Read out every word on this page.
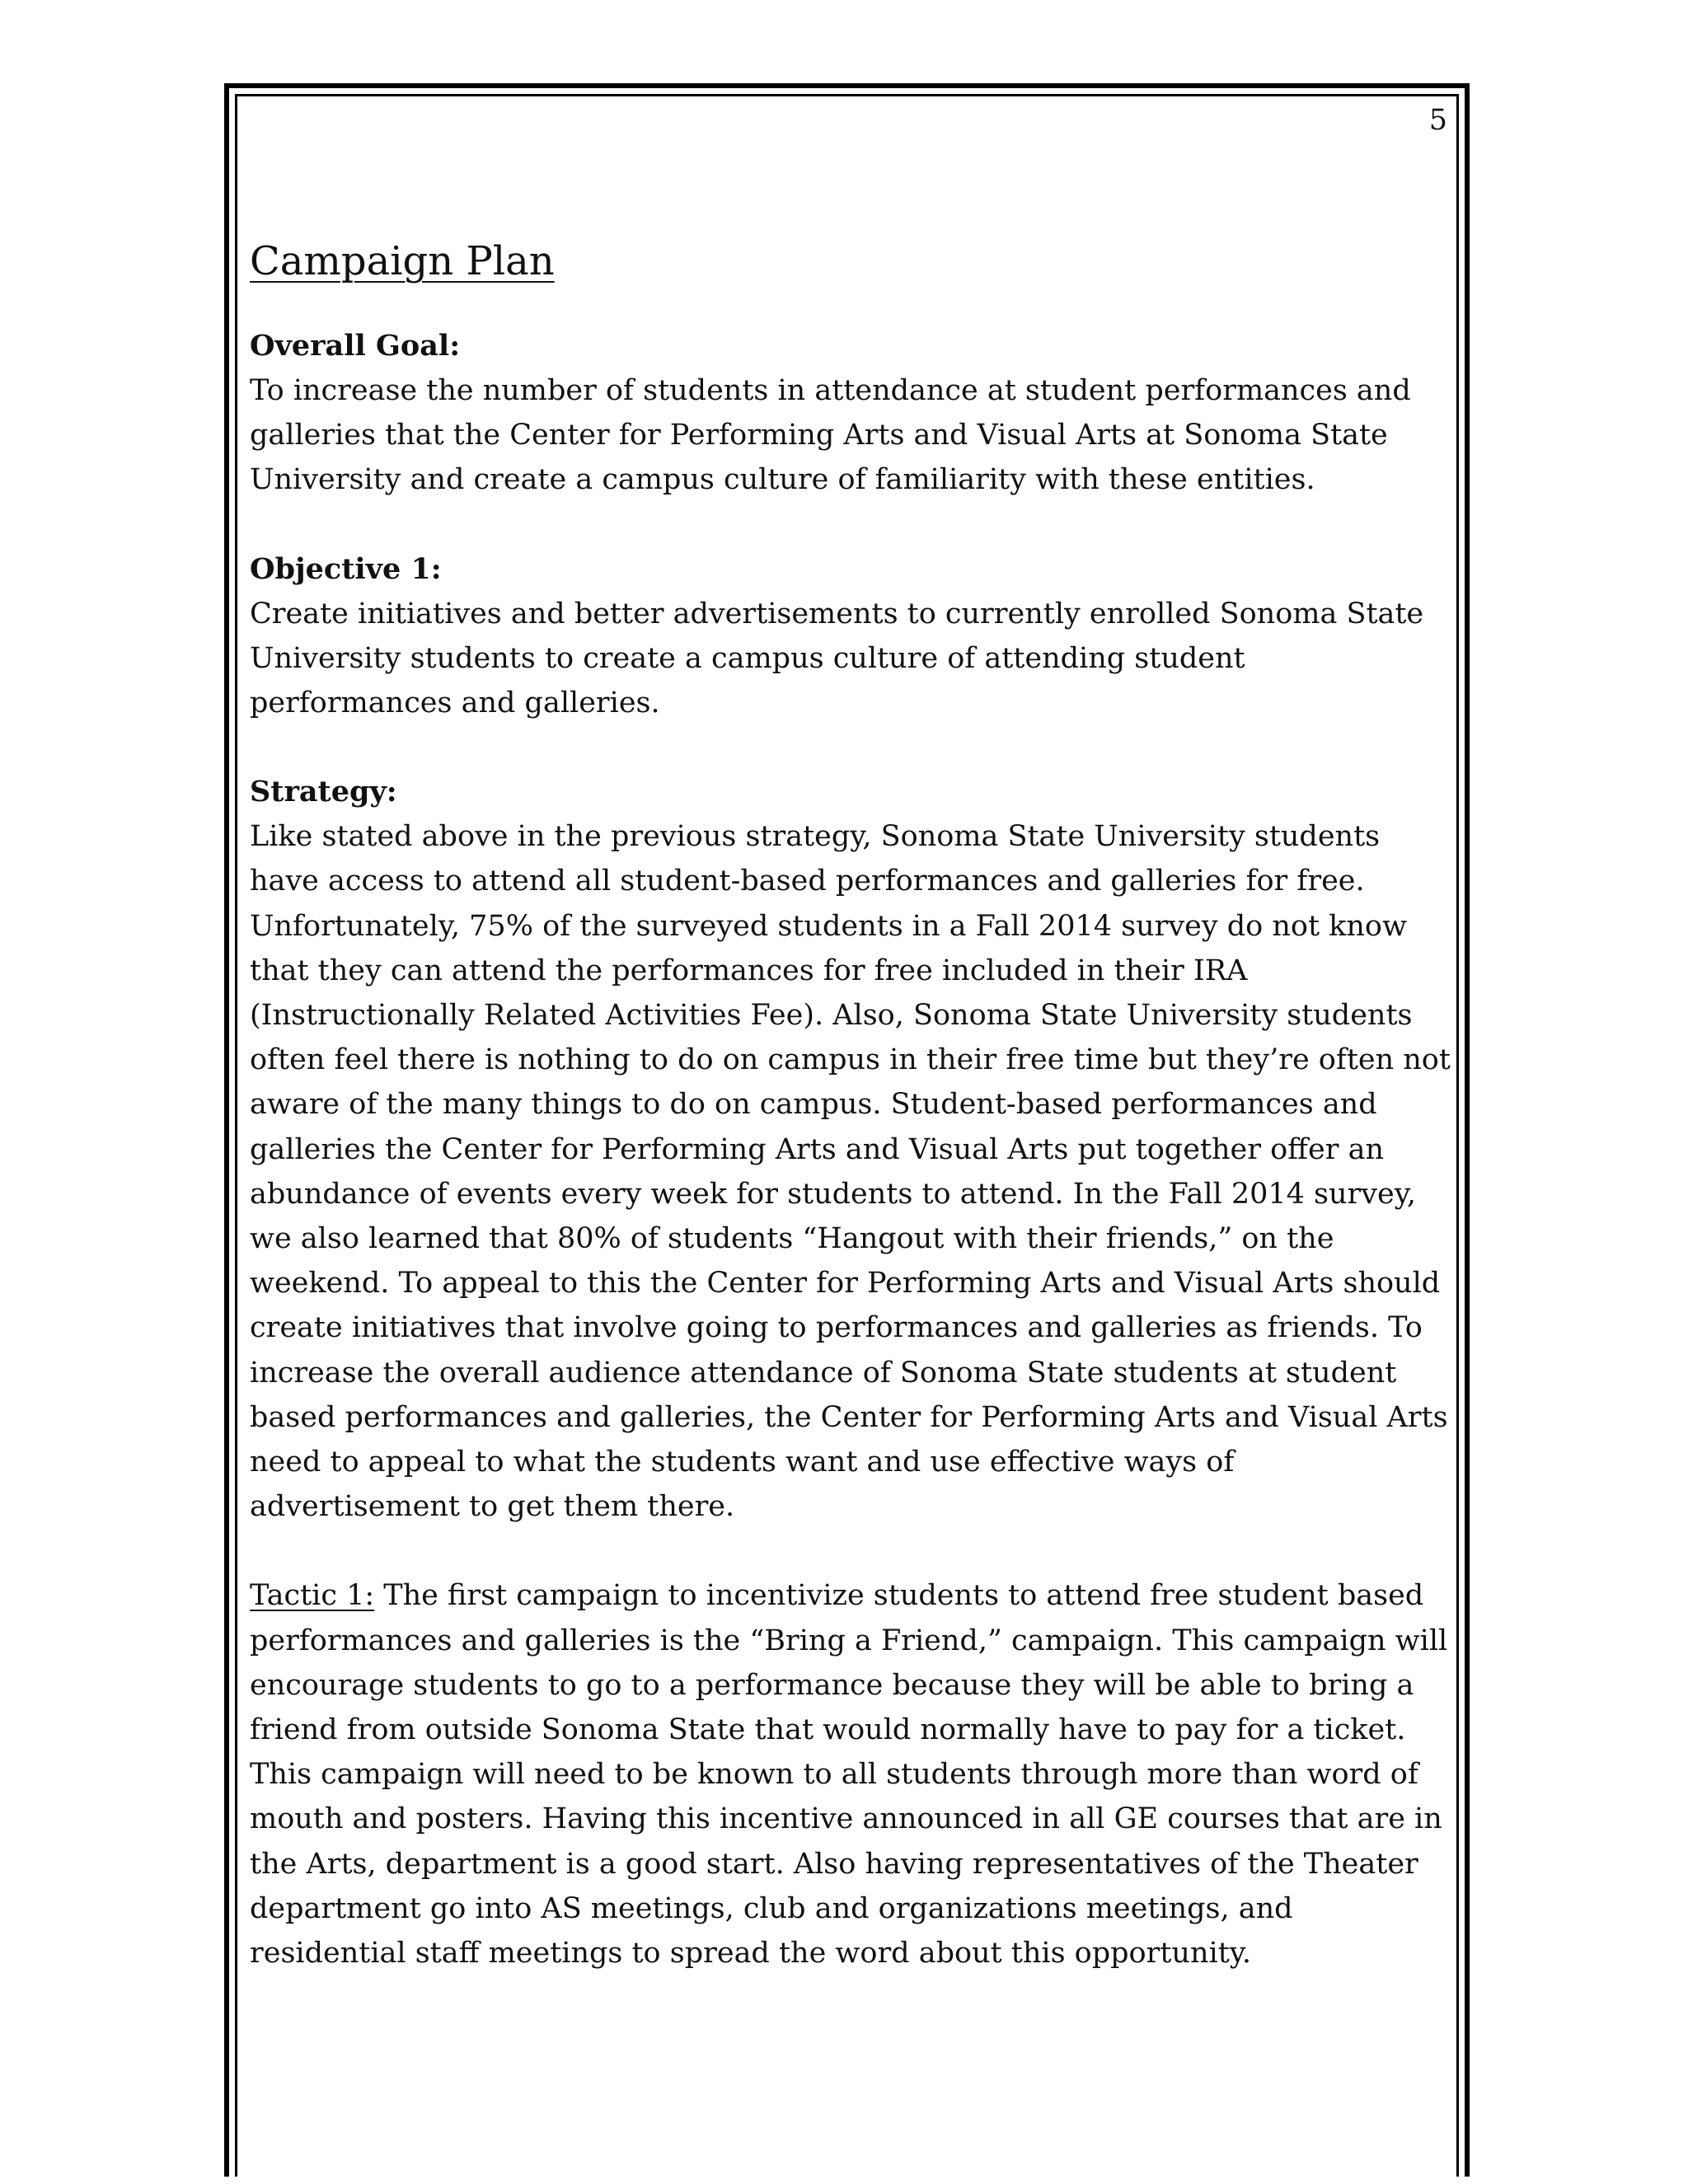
5
Campaign Plan

Overall Goal:

To increase the number of students in attendance at student performances and galleries that the Center for Performing Arts and Visual Arts at Sonoma State University and create a campus culture of familiarity with these entities.

Objective 1:

Create initiatives and better advertisements to currently enrolled Sonoma State University students to create a campus culture of attending student performances and galleries.

Strategy:

Like stated above in the previous strategy, Sonoma State University students have access to attend all student-based performances and galleries for free. Unfortunately, 75% of the surveyed students in a Fall 2014 survey do not know that they can attend the performances for free included in their IRA (Instructionally Related Activities Fee). Also, Sonoma State University students often feel there is nothing to do on campus in their free time but they’re often not aware of the many things to do on campus. Student-based performances and galleries the Center for Performing Arts and Visual Arts put together offer an abundance of events every week for students to attend. In the Fall 2014 survey, we also learned that 80% of students “Hangout with their friends,” on the weekend. To appeal to this the Center for Performing Arts and Visual Arts should create initiatives that involve going to performances and galleries as friends. To increase the overall audience attendance of Sonoma State students at student based performances and galleries, the Center for Performing Arts and Visual Arts need to appeal to what the students want and use effective ways of advertisement to get them there.

Tactic 1: The first campaign to incentivize students to attend free student based performances and galleries is the “Bring a Friend,” campaign. This campaign will encourage students to go to a performance because they will be able to bring a friend from outside Sonoma State that would normally have to pay for a ticket. This campaign will need to be known to all students through more than word of mouth and posters. Having this incentive announced in all GE courses that are in the Arts, department is a good start. Also having representatives of the Theater department go into AS meetings, club and organizations meetings, and residential staff meetings to spread the word about this opportunity.
